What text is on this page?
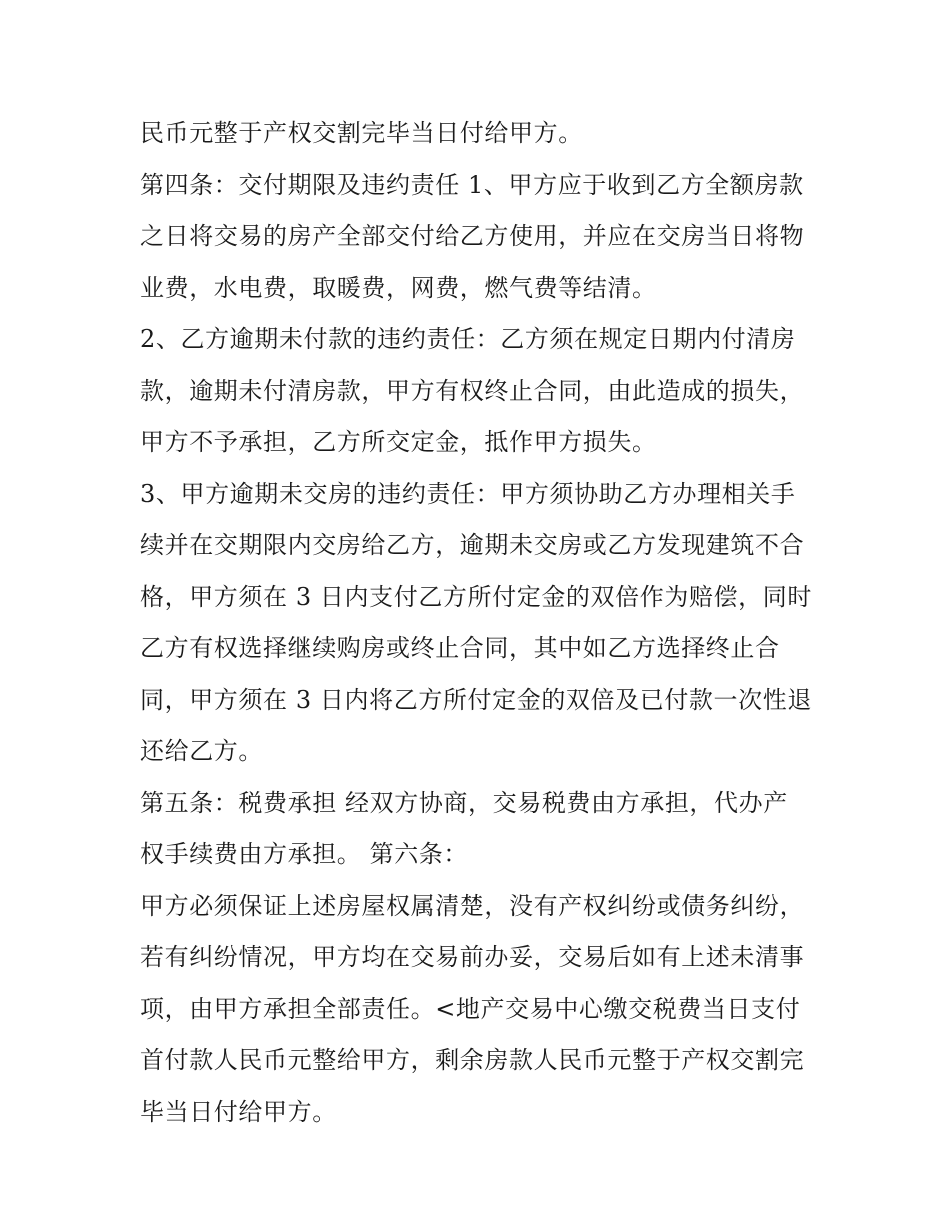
民币元整于产权交割完毕当日付给甲方。
第四条：交付期限及违约责任 1、甲方应于收到乙方全额房款
之日将交易的房产全部交付给乙方使用，并应在交房当日将物
业费，水电费，取暖费，网费，燃气费等结清。
2、乙方逾期未付款的违约责任：乙方须在规定日期内付清房
款，逾期未付清房款，甲方有权终止合同，由此造成的损失，
甲方不予承担，乙方所交定金，抵作甲方损失。
3、甲方逾期未交房的违约责任：甲方须协助乙方办理相关手
续并在交期限内交房给乙方，逾期未交房或乙方发现建筑不合
格，甲方须在 3 日内支付乙方所付定金的双倍作为赔偿，同时
乙方有权选择继续购房或终止合同，其中如乙方选择终止合
同，甲方须在 3 日内将乙方所付定金的双倍及已付款一次性退
还给乙方。
第五条：税费承担 经双方协商，交易税费由方承担，代办产
权手续费由方承担。 第六条：
甲方必须保证上述房屋权属清楚，没有产权纠纷或债务纠纷，
若有纠纷情况，甲方均在交易前办妥，交易后如有上述未清事
项，由甲方承担全部责任。<地产交易中心缴交税费当日支付
首付款人民币元整给甲方，剩余房款人民币元整于产权交割完
毕当日付给甲方。
